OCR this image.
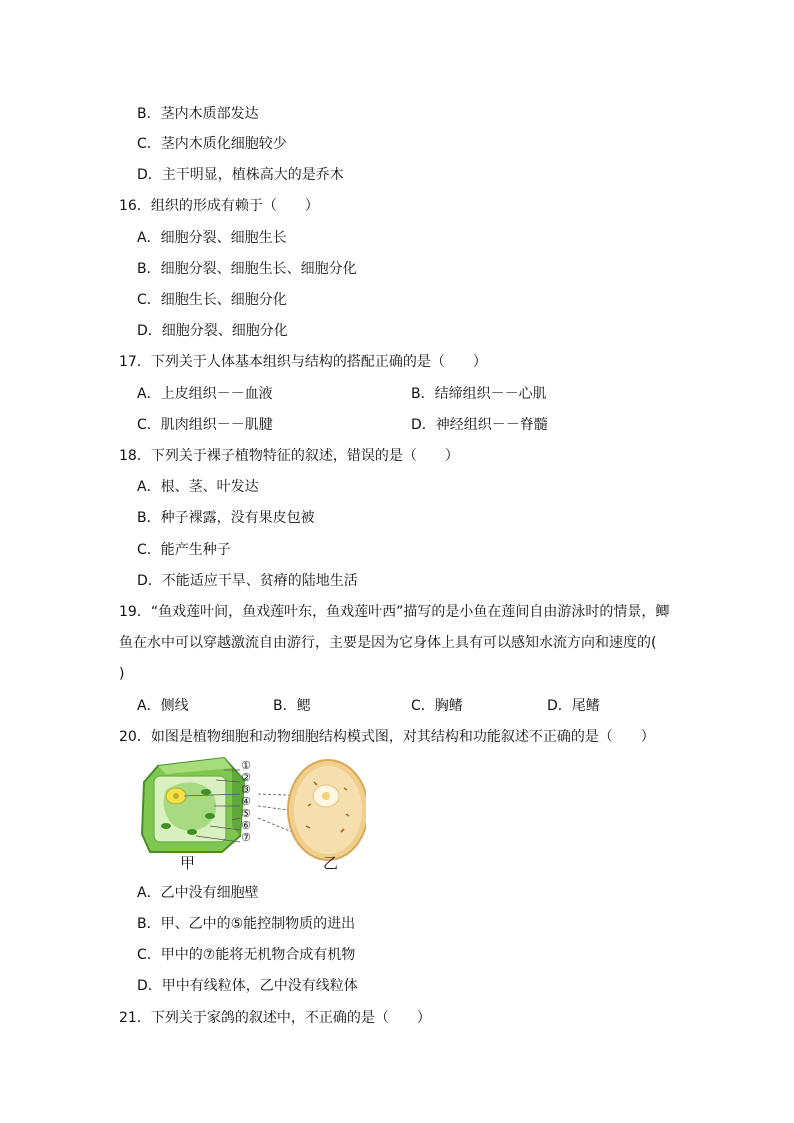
B．茎内木质部发达
C．茎内木质化细胞较少
D．主干明显，植株高大的是乔木
16．组织的形成有赖于（　　）
A．细胞分裂、细胞生长
B．细胞分裂、细胞生长、细胞分化
C．细胞生长、细胞分化
D．细胞分裂、细胞分化
17．下列关于人体基本组织与结构的搭配正确的是（　　）
A．上皮组织－－血液	B．结缔组织－－心肌
C．肌肉组织－－肌腱	D．神经组织－－脊髓
18．下列关于裸子植物特征的叙述，错误的是（　　）
A．根、茎、叶发达
B．种子裸露，没有果皮包被
C．能产生种子
D．不能适应干旱、贫瘠的陆地生活
19．“鱼戏莲叶间，鱼戏莲叶东，鱼戏莲叶西”描写的是小鱼在莲间自由游泳时的情景，鲫
鱼在水中可以穿越激流自由游行，主要是因为它身体上具有可以感知水流方向和速度的(
)
A．侧线	B．鳃	C．胸鳍	D．尾鳍
20．如图是植物细胞和动物细胞结构模式图，对其结构和功能叙述不正确的是（　　）
①
②
③
④
⑤
⑥
⑦
甲	乙
A．乙中没有细胞壁
B．甲、乙中的⑤能控制物质的进出
C．甲中的⑦能将无机物合成有机物
D．甲中有线粒体，乙中没有线粒体
21．下列关于家鸽的叙述中，不正确的是（　　）
